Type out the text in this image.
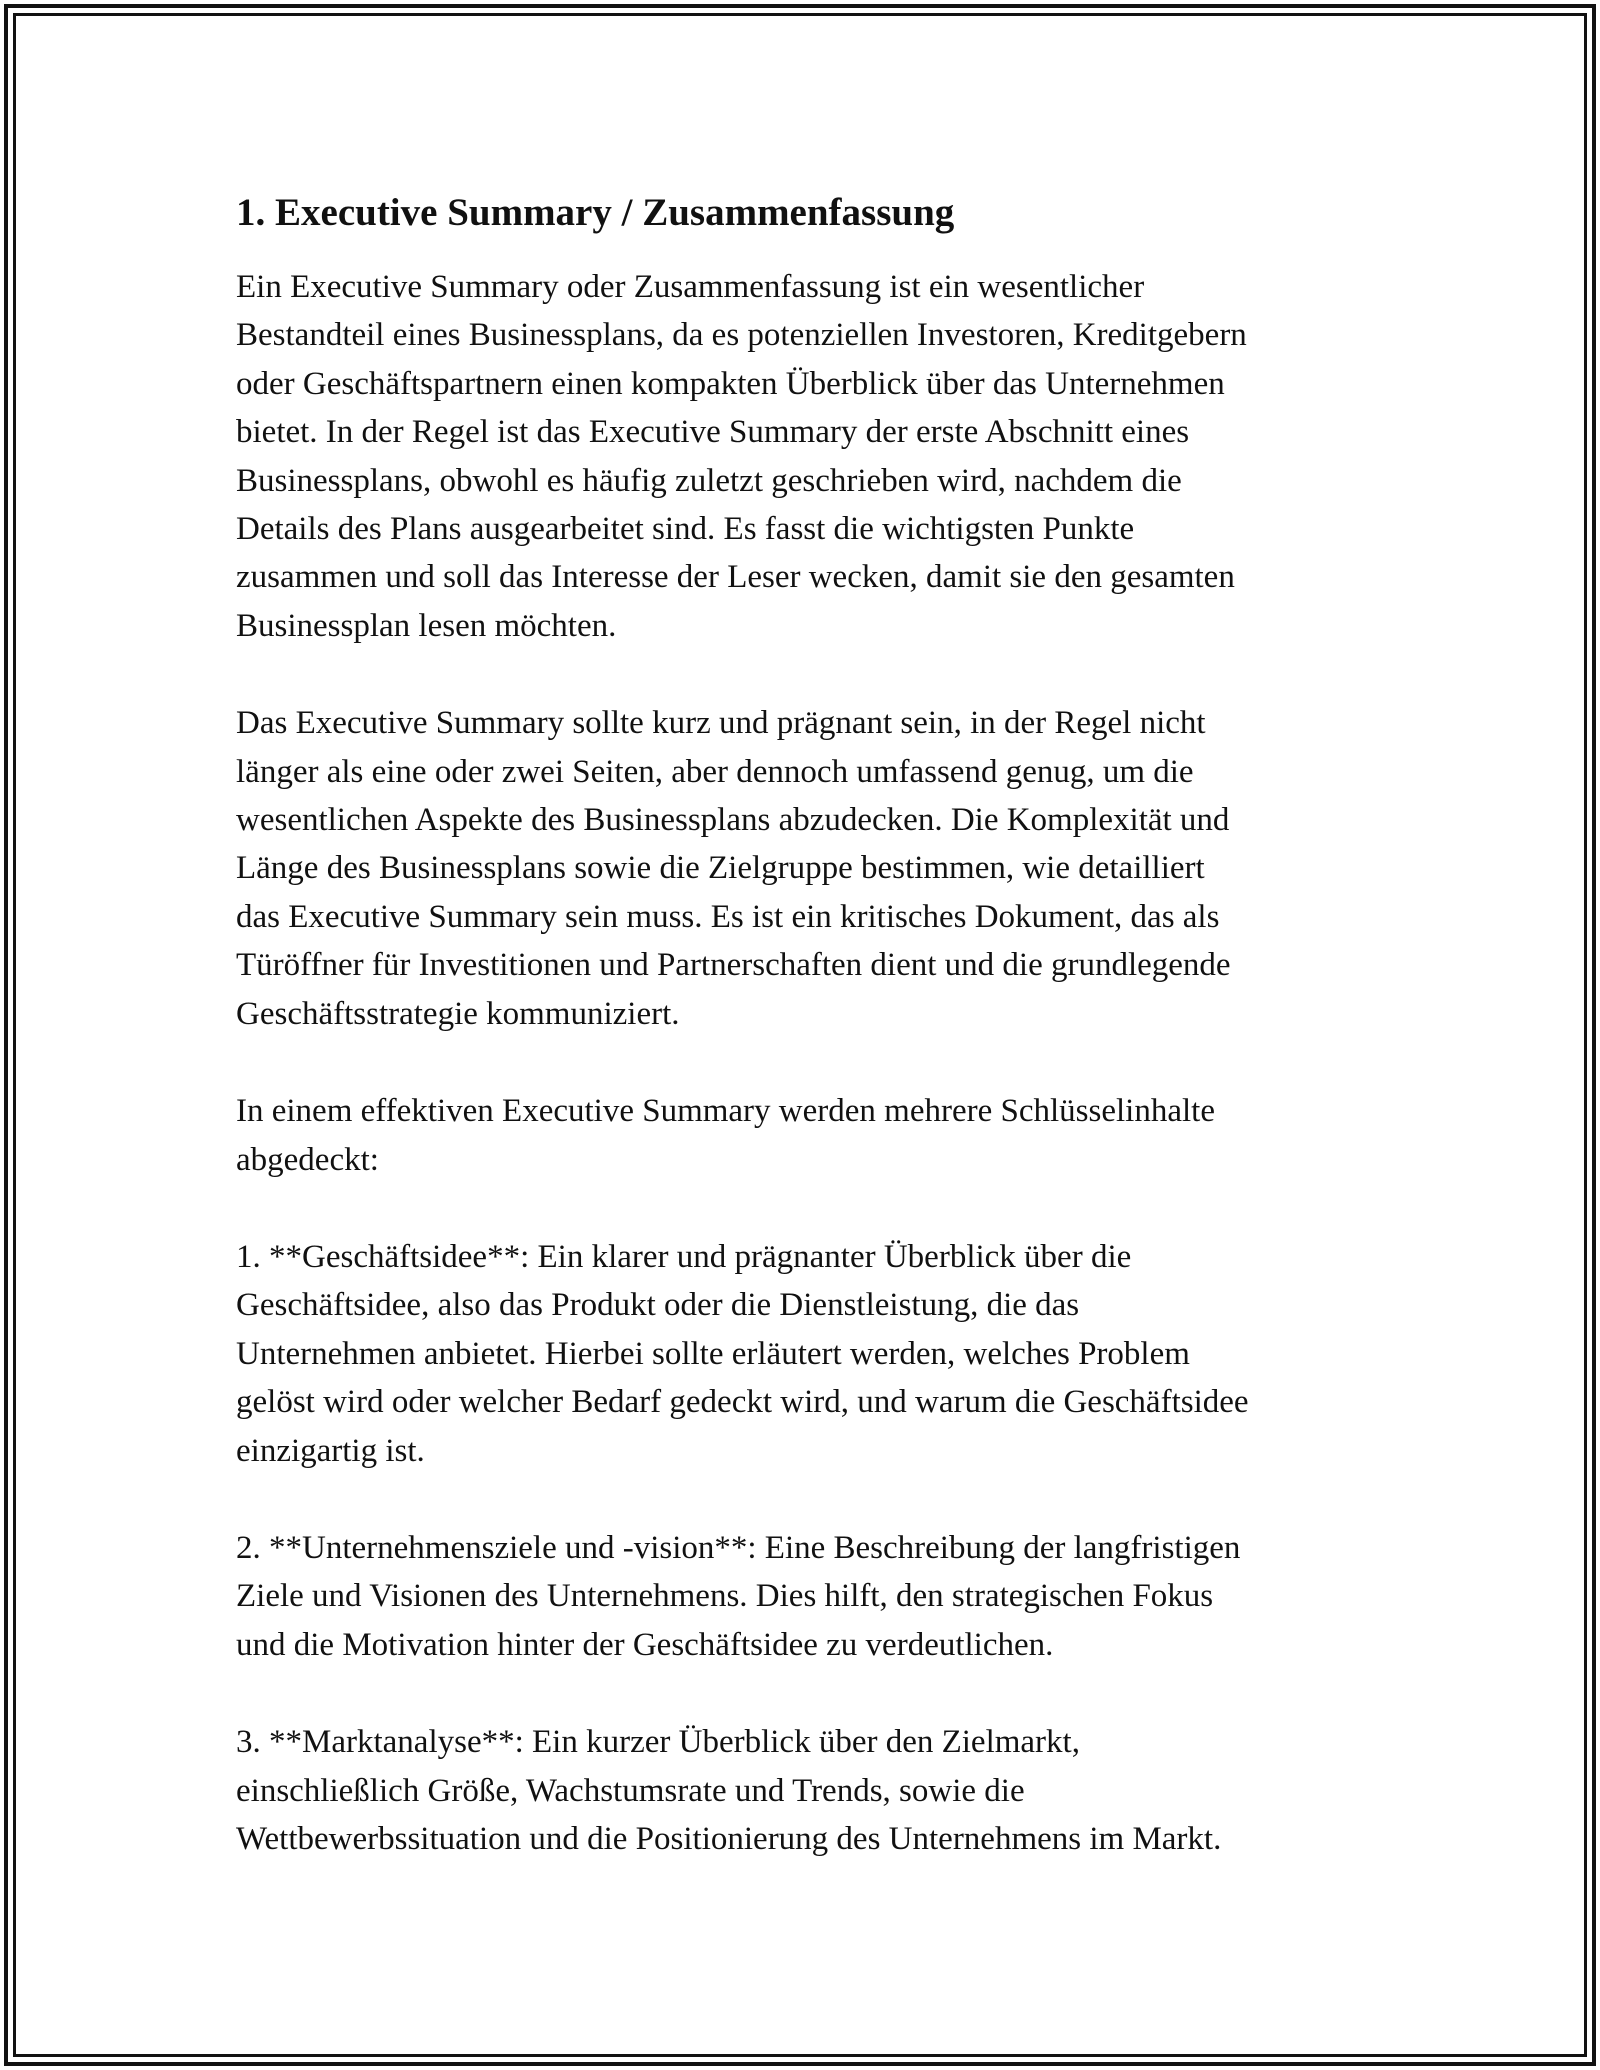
1. Executive Summary / Zusammenfassung

Ein Executive Summary oder Zusammenfassung ist ein wesentlicher
Bestandteil eines Businessplans, da es potenziellen Investoren, Kreditgebern
oder Geschäftspartnern einen kompakten Überblick über das Unternehmen
bietet. In der Regel ist das Executive Summary der erste Abschnitt eines
Businessplans, obwohl es häufig zuletzt geschrieben wird, nachdem die
Details des Plans ausgearbeitet sind. Es fasst die wichtigsten Punkte
zusammen und soll das Interesse der Leser wecken, damit sie den gesamten
Businessplan lesen möchten.

Das Executive Summary sollte kurz und prägnant sein, in der Regel nicht
länger als eine oder zwei Seiten, aber dennoch umfassend genug, um die
wesentlichen Aspekte des Businessplans abzudecken. Die Komplexität und
Länge des Businessplans sowie die Zielgruppe bestimmen, wie detailliert
das Executive Summary sein muss. Es ist ein kritisches Dokument, das als
Türöffner für Investitionen und Partnerschaften dient und die grundlegende
Geschäftsstrategie kommuniziert.

In einem effektiven Executive Summary werden mehrere Schlüsselinhalte
abgedeckt:

1. **Geschäftsidee**: Ein klarer und prägnanter Überblick über die
Geschäftsidee, also das Produkt oder die Dienstleistung, die das
Unternehmen anbietet. Hierbei sollte erläutert werden, welches Problem
gelöst wird oder welcher Bedarf gedeckt wird, und warum die Geschäftsidee
einzigartig ist.

2. **Unternehmensziele und -vision**: Eine Beschreibung der langfristigen
Ziele und Visionen des Unternehmens. Dies hilft, den strategischen Fokus
und die Motivation hinter der Geschäftsidee zu verdeutlichen.

3. **Marktanalyse**: Ein kurzer Überblick über den Zielmarkt,
einschließlich Größe, Wachstumsrate und Trends, sowie die
Wettbewerbssituation und die Positionierung des Unternehmens im Markt.
